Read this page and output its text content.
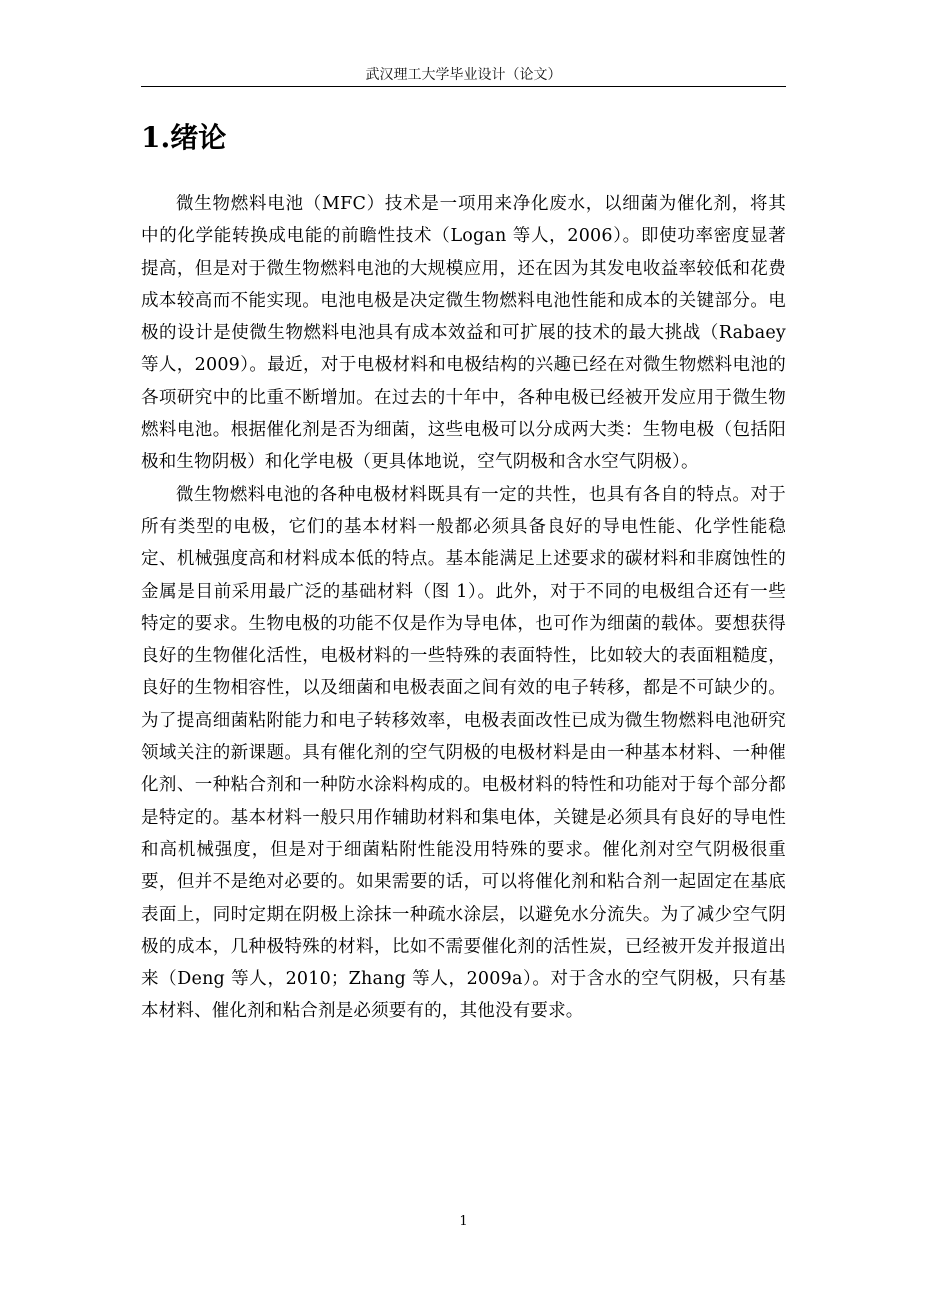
武汉理工大学毕业设计（论文）
1.绪论

微生物燃料电池（MFC）技术是一项用来净化废水，以细菌为催化剂，将其中的化学能转换成电能的前瞻性技术（Logan 等人，2006）。即使功率密度显著提高，但是对于微生物燃料电池的大规模应用，还在因为其发电收益率较低和花费成本较高而不能实现。电池电极是决定微生物燃料电池性能和成本的关键部分。电极的设计是使微生物燃料电池具有成本效益和可扩展的技术的最大挑战（Rabaey 等人，2009）。最近，对于电极材料和电极结构的兴趣已经在对微生物燃料电池的各项研究中的比重不断增加。在过去的十年中，各种电极已经被开发应用于微生物燃料电池。根据催化剂是否为细菌，这些电极可以分成两大类：生物电极（包括阳极和生物阴极）和化学电极（更具体地说，空气阴极和含水空气阴极）。

微生物燃料电池的各种电极材料既具有一定的共性，也具有各自的特点。对于所有类型的电极，它们的基本材料一般都必须具备良好的导电性能、化学性能稳定、机械强度高和材料成本低的特点。基本能满足上述要求的碳材料和非腐蚀性的金属是目前采用最广泛的基础材料（图 1）。此外，对于不同的电极组合还有一些特定的要求。生物电极的功能不仅是作为导电体，也可作为细菌的载体。要想获得良好的生物催化活性，电极材料的一些特殊的表面特性，比如较大的表面粗糙度，良好的生物相容性，以及细菌和电极表面之间有效的电子转移，都是不可缺少的。为了提高细菌粘附能力和电子转移效率，电极表面改性已成为微生物燃料电池研究领域关注的新课题。具有催化剂的空气阴极的电极材料是由一种基本材料、一种催化剂、一种粘合剂和一种防水涂料构成的。电极材料的特性和功能对于每个部分都是特定的。基本材料一般只用作辅助材料和集电体，关键是必须具有良好的导电性和高机械强度，但是对于细菌粘附性能没用特殊的要求。催化剂对空气阴极很重要，但并不是绝对必要的。如果需要的话，可以将催化剂和粘合剂一起固定在基底表面上，同时定期在阴极上涂抹一种疏水涂层，以避免水分流失。为了减少空气阴极的成本，几种极特殊的材料，比如不需要催化剂的活性炭，已经被开发并报道出来（Deng 等人，2010；Zhang 等人，2009a）。对于含水的空气阴极，只有基本材料、催化剂和粘合剂是必须要有的，其他没有要求。

1
